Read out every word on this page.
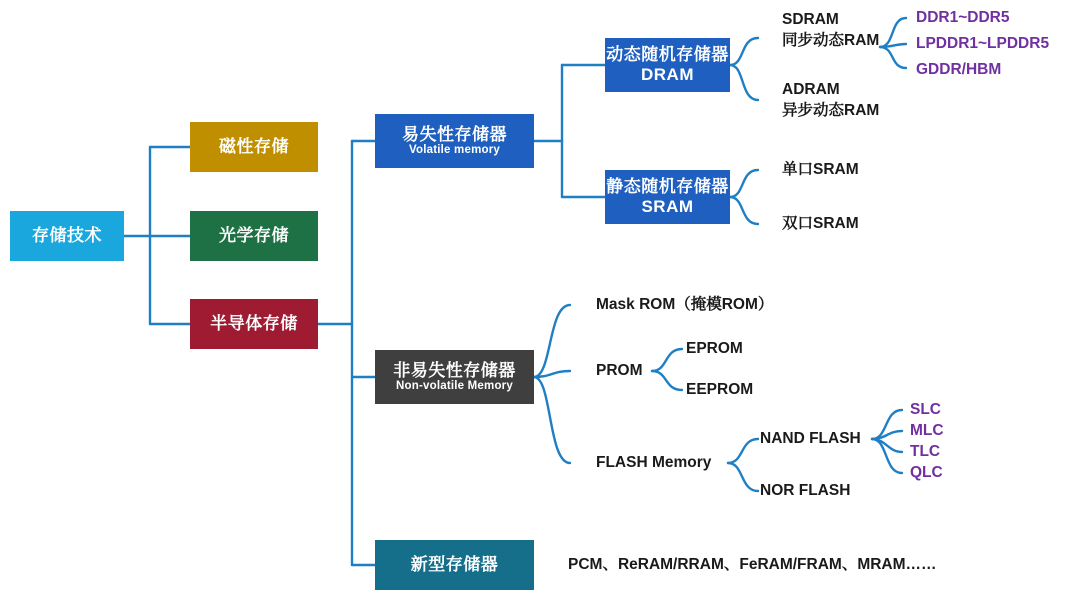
存储技术
磁性存储
光学存储
半导体存储
易失性存储器
Volatile memory
非易失性存储器
Non-volatile Memory
新型存储器
动态随机存储器
DRAM
静态随机存储器
SRAM
SDRAM
同步动态RAM
ADRAM
异步动态RAM
DDR1~DDR5
LPDDR1~LPDDR5
GDDR/HBM
单口SRAM
双口SRAM
Mask ROM（掩模ROM）
PROM
EPROM
EEPROM
FLASH Memory
NAND FLASH
NOR FLASH
SLC
MLC
TLC
QLC
PCM、ReRAM/RRAM、FeRAM/FRAM、MRAM……
